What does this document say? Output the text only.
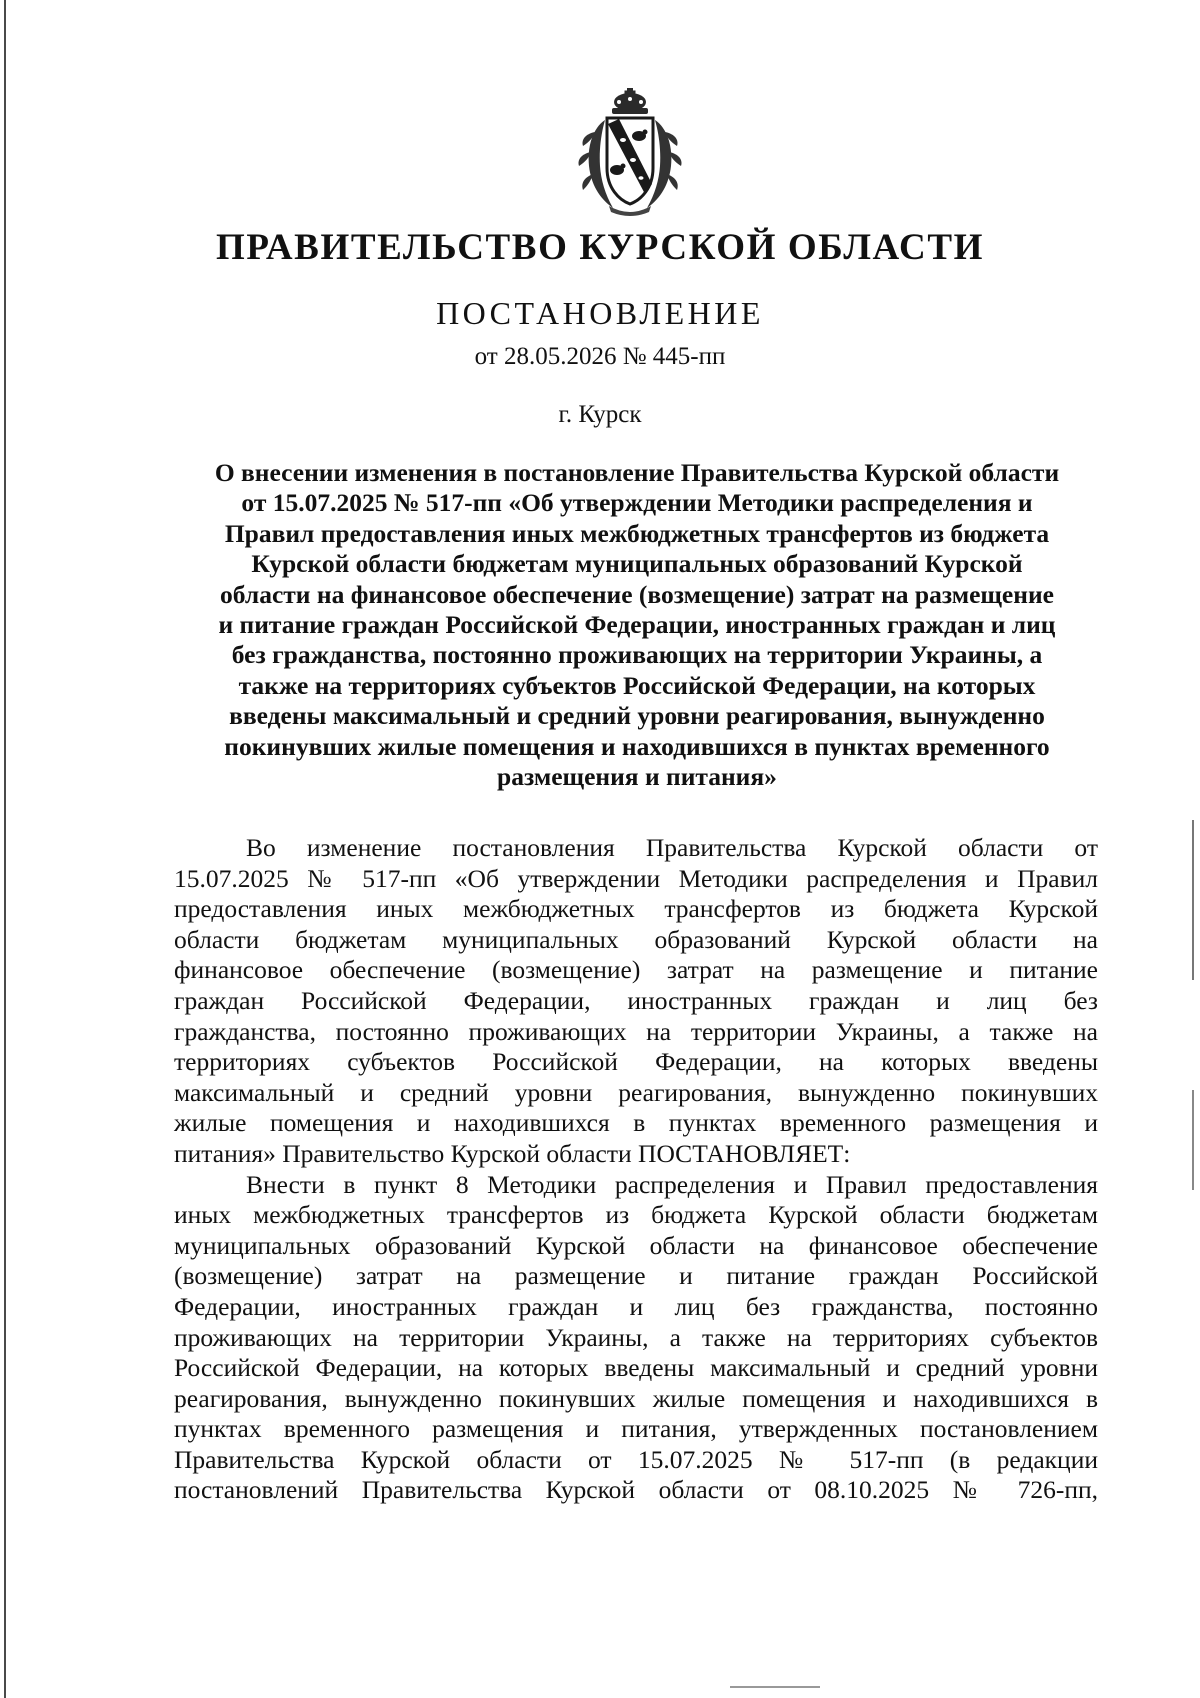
ПРАВИТЕЛЬСТВО КУРСКОЙ ОБЛАСТИ
ПОСТАНОВЛЕНИЕ
от 28.05.2026 № 445-пп
г. Курск
О внесении изменения в постановление Правительства Курской области
от 15.07.2025 № 517-пп «Об утверждении Методики распределения и
Правил предоставления иных межбюджетных трансфертов из бюджета
Курской области бюджетам муниципальных образований Курской
области на финансовое обеспечение (возмещение) затрат на размещение
и питание граждан Российской Федерации, иностранных граждан и лиц
без гражданства, постоянно проживающих на территории Украины, а
также на территориях субъектов Российской Федерации, на которых
введены максимальный и средний уровни реагирования, вынужденно
покинувших жилые помещения и находившихся в пунктах временного
размещения и питания»
Во изменение постановления Правительства Курской области от
15.07.2025 № 517-пп «Об утверждении Методики распределения и Правил
предоставления иных межбюджетных трансфертов из бюджета Курской
области бюджетам муниципальных образований Курской области на
финансовое обеспечение (возмещение) затрат на размещение и питание
граждан Российской Федерации, иностранных граждан и лиц без
гражданства, постоянно проживающих на территории Украины, а также на
территориях субъектов Российской Федерации, на которых введены
максимальный и средний уровни реагирования, вынужденно покинувших
жилые помещения и находившихся в пунктах временного размещения и
питания» Правительство Курской области ПОСТАНОВЛЯЕТ:
Внести в пункт 8 Методики распределения и Правил предоставления
иных межбюджетных трансфертов из бюджета Курской области бюджетам
муниципальных образований Курской области на финансовое обеспечение
(возмещение) затрат на размещение и питание граждан Российской
Федерации, иностранных граждан и лиц без гражданства, постоянно
проживающих на территории Украины, а также на территориях субъектов
Российской Федерации, на которых введены максимальный и средний уровни
реагирования, вынужденно покинувших жилые помещения и находившихся в
пунктах временного размещения и питания, утвержденных постановлением
Правительства Курской области от 15.07.2025 № 517-пп (в редакции
постановлений Правительства Курской области от 08.10.2025 № 726-пп,
